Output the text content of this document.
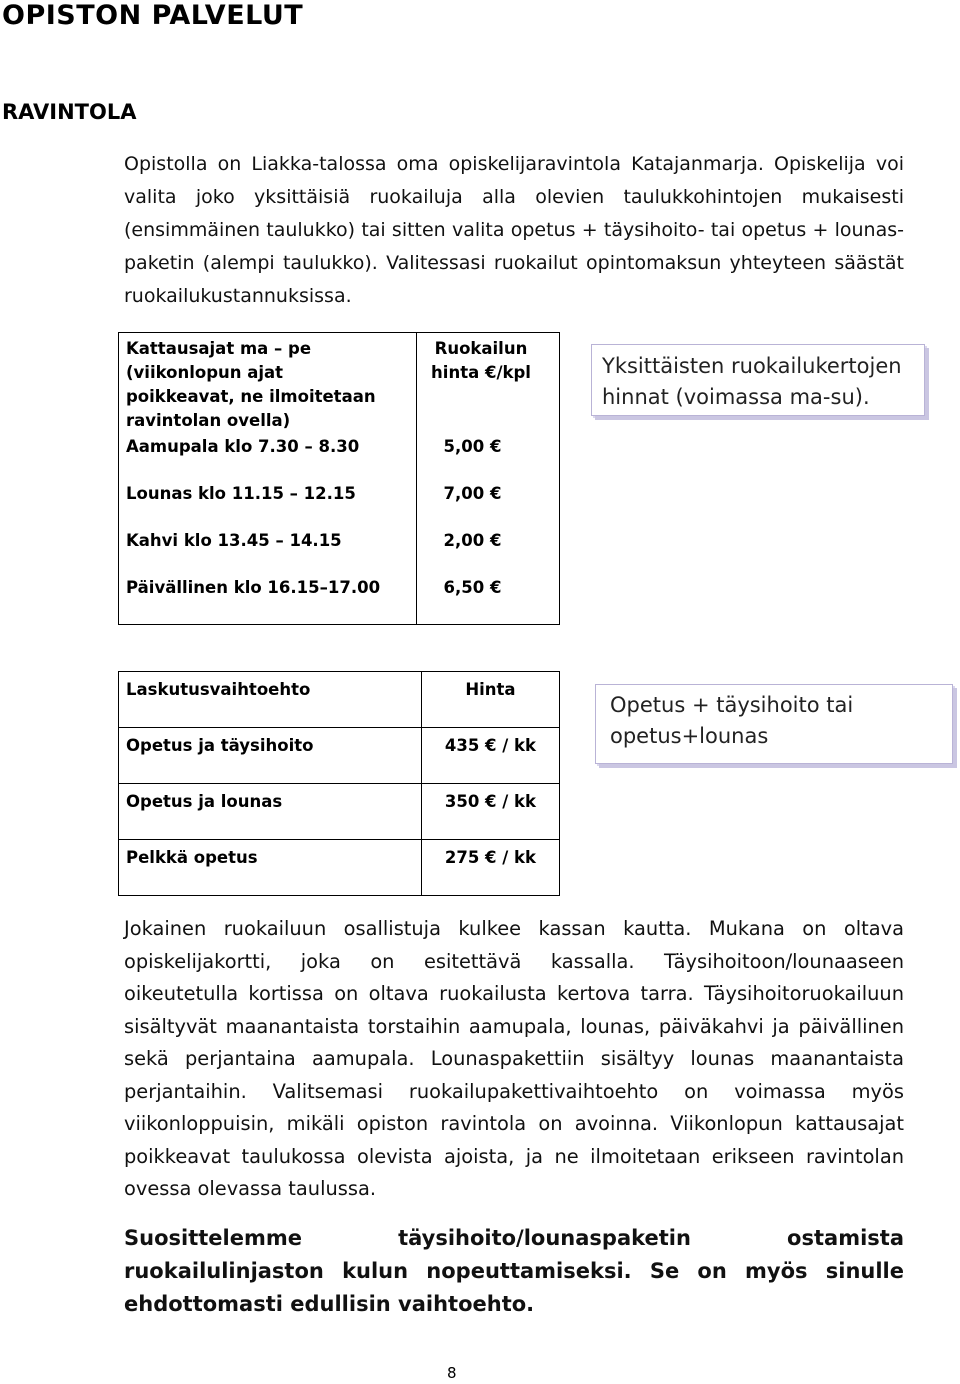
OPISTON PALVELUT
RAVINTOLA
Opistolla on Liakka-talossa oma opiskelijaravintola Katajanmarja. Opiskelija voi valita joko yksittäisiä ruokailuja alla olevien taulukkohintojen mukaisesti (ensimmäinen taulukko) tai sitten valita opetus + täysihoito- tai opetus + lounas-paketin (alempi taulukko). Valitessasi ruokailut opintomaksun yhteyteen säästät ruokailukustannuksissa.
Kattausajat ma – pe (viikonlopun ajat poikkeavat, ne ilmoitetaan ravintolan ovella)	Ruokailun hinta €/kpl

Aamupala klo 7.30 – 8.30	5,00 €

Lounas klo 11.15 – 12.15	7,00 €

Kahvi klo 13.45 – 14.15	2,00 €

Päivällinen klo 16.15–17.00	6,50 €
Yksittäisten ruokailukertojen hinnat (voimassa ma-su).
Laskutusvaihtoehto	Hinta
Opetus ja täysihoito	435 € / kk
Opetus ja lounas	350 € / kk
Pelkkä opetus	275 € / kk
Opetus + täysihoito tai opetus+lounas
Jokainen ruokailuun osallistuja kulkee kassan kautta. Mukana on oltava opiskelijakortti, joka on esitettävä kassalla. Täysihoitoon/lounaaseen oikeutetulla kortissa on oltava ruokailusta kertova tarra. Täysihoitoruokailuun sisältyvät maanantaista torstaihin aamupala, lounas, päiväkahvi ja päivällinen sekä perjantaina aamupala. Lounaspakettiin sisältyy lounas maanantaista perjantaihin. Valitsemasi ruokailupakettivaihtoehto on voimassa myös viikonloppuisin, mikäli opiston ravintola on avoinna. Viikonlopun kattausajat poikkeavat taulukossa olevista ajoista, ja ne ilmoitetaan erikseen ravintolan ovessa olevassa taulussa.
Suosittelemme täysihoito/lounaspaketin ostamista ruokailulinjaston kulun nopeuttamiseksi. Se on myös sinulle ehdottomasti edullisin vaihtoehto.
8
